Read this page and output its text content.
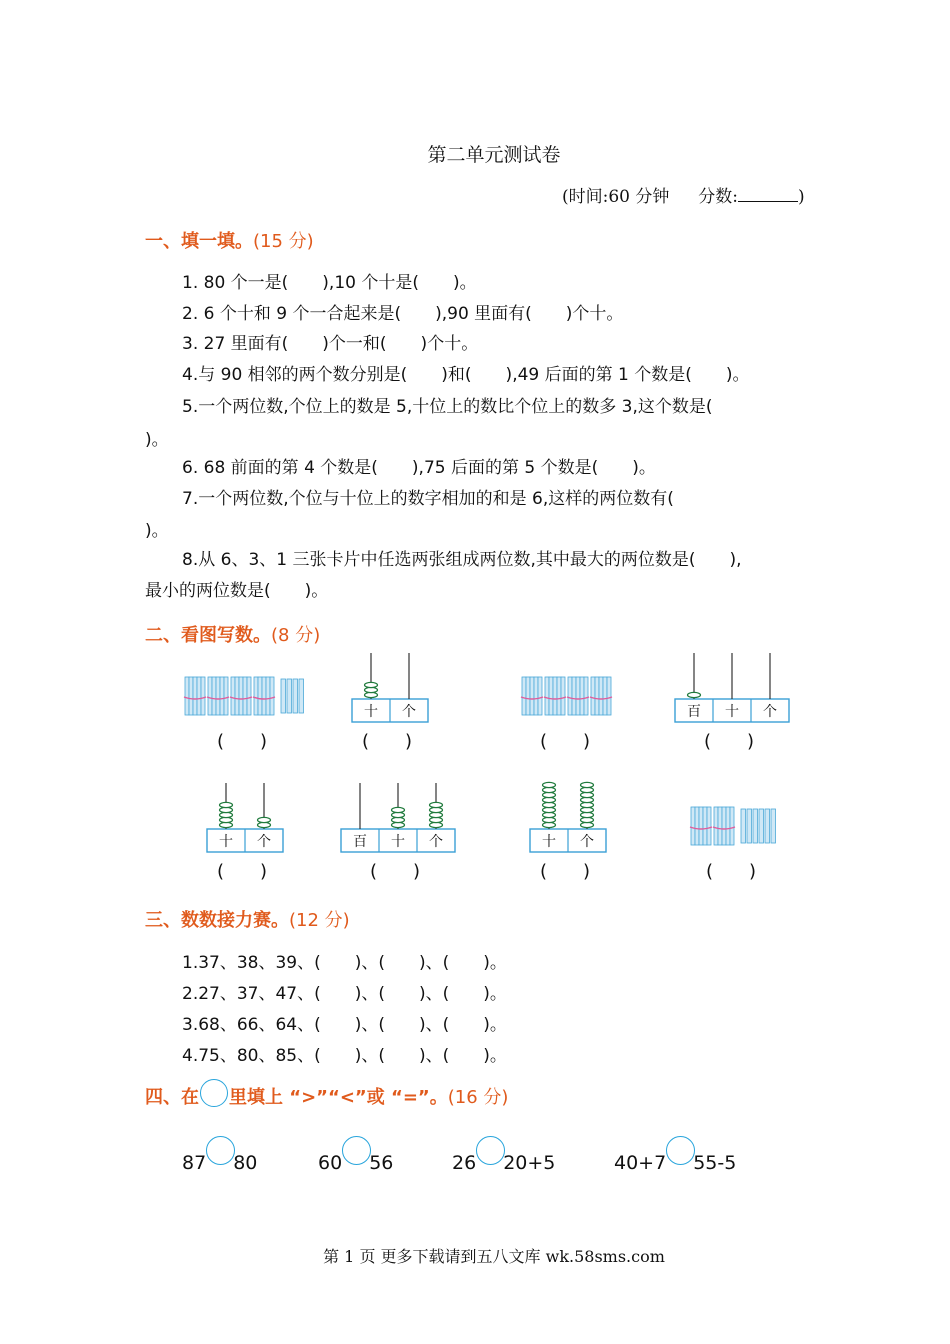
第二单元测试卷
(时间:60 分钟 分数:	)
一、填一填。(15 分)
1. 80 个一是(　　),10 个十是(　　)。
2. 6 个十和 9 个一合起来是(　　),90 里面有(　　)个十。
3. 27 里面有(　　)个一和(　　)个十。
4.与 90 相邻的两个数分别是(　　)和(　　),49 后面的第 1 个数是(　　)。
5.一个两位数,个位上的数是 5,十位上的数比个位上的数多 3,这个数是(
)。
6. 68 前面的第 4 个数是(　　),75 后面的第 5 个数是(　　)。
7.一个两位数,个位与十位上的数字相加的和是 6,这样的两位数有(
)。
8.从 6、3、1 三张卡片中任选两张组成两位数,其中最大的两位数是(　　),
最小的两位数是(　　)。
二、看图写数。(8 分)
(　　)
十 个
(　　)	(　　)
百 十 个
(　　)
十 个
(　　)
百 十 个
(　　)
十 个
(　　)	(　　)
三、数数接力赛。(12 分)
1.37、38、39、(　　)、(　　)、(　　)。
2.27、37、47、(　　)、(　　)、(　　)。
3.68、66、64、(　　)、(　　)、(　　)。
4.75、80、85、(　　)、(　　)、(　　)。
四、在 里填上 “>”“<”或 “=”。(16 分)
87 80	60 56	26 20+5	40+7 55-5
第 1 页 更多下载请到五八文库 wk.58sms.com
